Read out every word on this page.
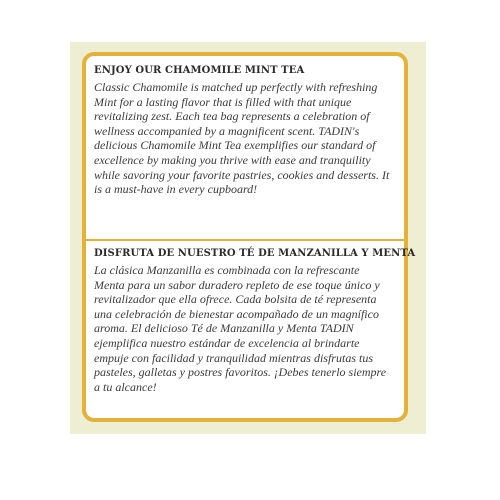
ENJOY OUR CHAMOMILE MINT TEA

Classic Chamomile is matched up perfectly with refreshing
Mint for a lasting flavor that is filled with that unique
revitalizing zest. Each tea bag represents a celebration of
wellness accompanied by a magnificent scent. TADIN's
delicious Chamomile Mint Tea exemplifies our standard of
excellence by making you thrive with ease and tranquility
while savoring your favorite pastries, cookies and desserts. It
is a must-have in every cupboard!

DISFRUTA DE NUESTRO TÉ DE MANZANILLA Y MENTA

La clásica Manzanilla es combinada con la refrescante
Menta para un sabor duradero repleto de ese toque único y
revitalizador que ella ofrece. Cada bolsita de té representa
una celebración de bienestar acompañado de un magnífico
aroma. El delicioso Té de Manzanilla y Menta TADIN
ejemplifica nuestro estándar de excelencia al brindarte
empuje con facilidad y tranquilidad mientras disfrutas tus
pasteles, galletas y postres favoritos. ¡Debes tenerlo siempre
a tu alcance!
